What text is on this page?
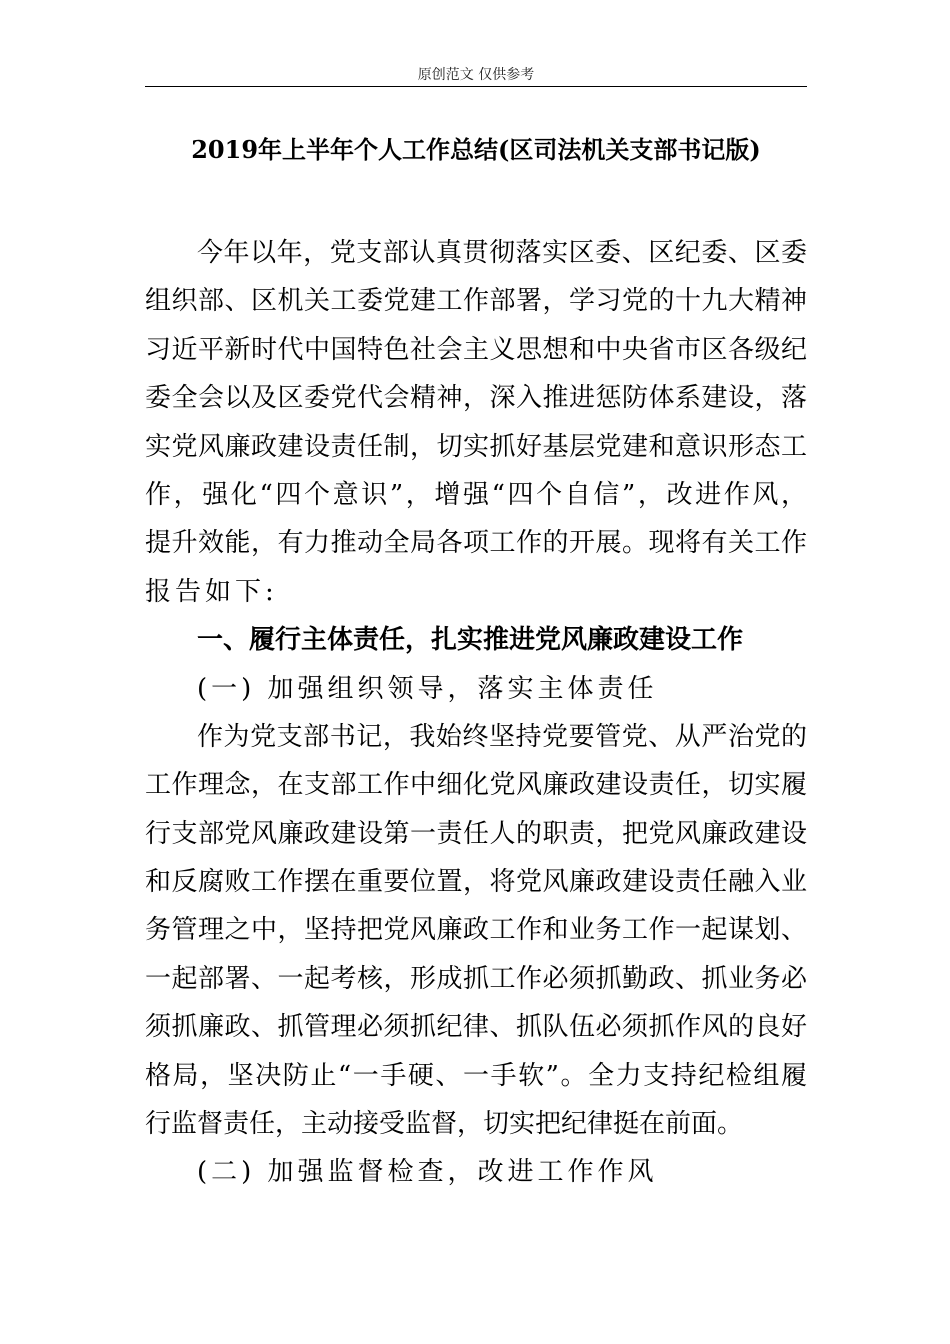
原创范文 仅供参考
2019年上半年个人工作总结(区司法机关支部书记版)
今年以年，党支部认真贯彻落实区委、区纪委、区委
组织部、区机关工委党建工作部署，学习党的十九大精神
习近平新时代中国特色社会主义思想和中央省市区各级纪
委全会以及区委党代会精神，深入推进惩防体系建设，落
实党风廉政建设责任制，切实抓好基层党建和意识形态工
作，强化“四个意识”，增强“四个自信”，改进作风，
提升效能，有力推动全局各项工作的开展。现将有关工作
报告如下:
一、履行主体责任，扎实推进党风廉政建设工作
(一) 加强组织领导，落实主体责任
作为党支部书记，我始终坚持党要管党、从严治党的
工作理念，在支部工作中细化党风廉政建设责任，切实履
行支部党风廉政建设第一责任人的职责，把党风廉政建设
和反腐败工作摆在重要位置，将党风廉政建设责任融入业
务管理之中，坚持把党风廉政工作和业务工作一起谋划、
一起部署、一起考核，形成抓工作必须抓勤政、抓业务必
须抓廉政、抓管理必须抓纪律、抓队伍必须抓作风的良好
格局，坚决防止“一手硬、一手软”。全力支持纪检组履
行监督责任，主动接受监督，切实把纪律挺在前面。
(二) 加强监督检查，改进工作作风
